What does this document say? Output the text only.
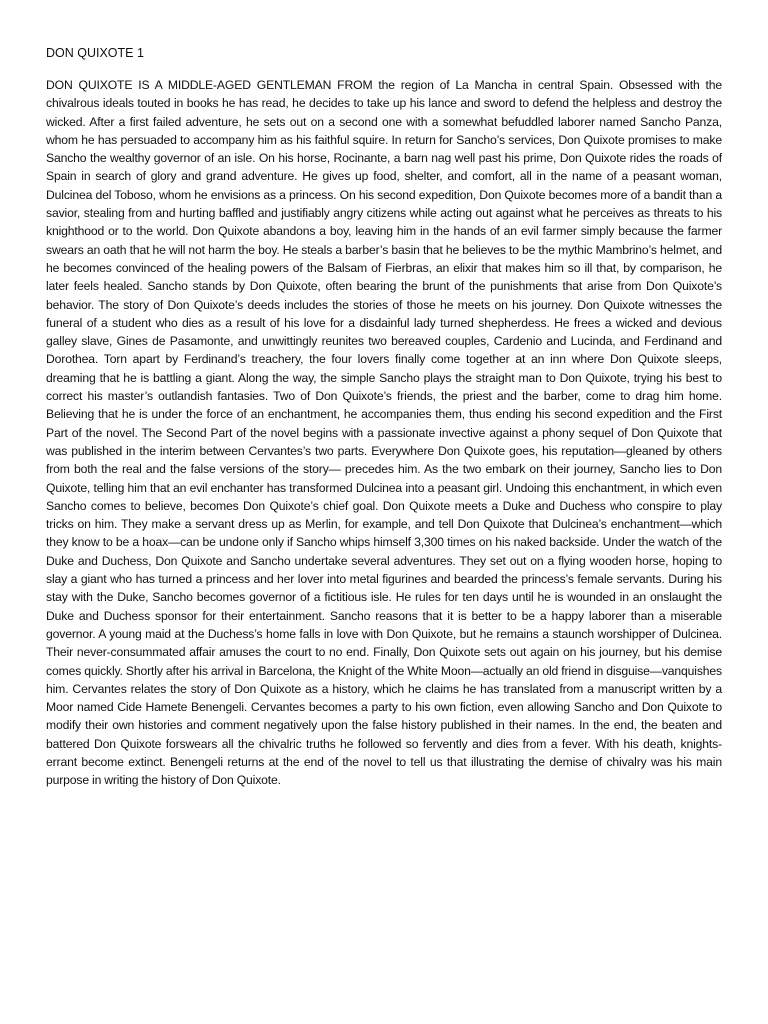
DON QUIXOTE 1

DON QUIXOTE IS A MIDDLE-AGED GENTLEMAN FROM the region of La Mancha in central Spain. Obsessed with the chivalrous ideals touted in books he has read, he decides to take up his lance and sword to defend the helpless and destroy the wicked. After a first failed adventure, he sets out on a second one with a somewhat befuddled laborer named Sancho Panza, whom he has persuaded to accompany him as his faithful squire. In return for Sancho’s services, Don Quixote promises to make Sancho the wealthy governor of an isle. On his horse, Rocinante, a barn nag well past his prime, Don Quixote rides the roads of Spain in search of glory and grand adventure. He gives up food, shelter, and comfort, all in the name of a peasant woman, Dulcinea del Toboso, whom he envisions as a princess. On his second expedition, Don Quixote becomes more of a bandit than a savior, stealing from and hurting baffled and justifiably angry citizens while acting out against what he perceives as threats to his knighthood or to the world. Don Quixote abandons a boy, leaving him in the hands of an evil farmer simply because the farmer swears an oath that he will not harm the boy. He steals a barber’s basin that he believes to be the mythic Mambrino’s helmet, and he becomes convinced of the healing powers of the Balsam of Fierbras, an elixir that makes him so ill that, by comparison, he later feels healed. Sancho stands by Don Quixote, often bearing the brunt of the punishments that arise from Don Quixote’s behavior. The story of Don Quixote’s deeds includes the stories of those he meets on his journey. Don Quixote witnesses the funeral of a student who dies as a result of his love for a disdainful lady turned shepherdess. He frees a wicked and devious galley slave, Gines de Pasamonte, and unwittingly reunites two bereaved couples, Cardenio and Lucinda, and Ferdinand and Dorothea. Torn apart by Ferdinand’s treachery, the four lovers finally come together at an inn where Don Quixote sleeps, dreaming that he is battling a giant. Along the way, the simple Sancho plays the straight man to Don Quixote, trying his best to correct his master’s outlandish fantasies. Two of Don Quixote’s friends, the priest and the barber, come to drag him home. Believing that he is under the force of an enchantment, he accompanies them, thus ending his second expedition and the First Part of the novel. The Second Part of the novel begins with a passionate invective against a phony sequel of Don Quixote that was published in the interim between Cervantes’s two parts. Everywhere Don Quixote goes, his reputation—gleaned by others from both the real and the false versions of the story— precedes him. As the two embark on their journey, Sancho lies to Don Quixote, telling him that an evil enchanter has transformed Dulcinea into a peasant girl. Undoing this enchantment, in which even Sancho comes to believe, becomes Don Quixote’s chief goal. Don Quixote meets a Duke and Duchess who conspire to play tricks on him. They make a servant dress up as Merlin, for example, and tell Don Quixote that Dulcinea’s enchantment—which they know to be a hoax—can be undone only if Sancho whips himself 3,300 times on his naked backside. Under the watch of the Duke and Duchess, Don Quixote and Sancho undertake several adventures. They set out on a flying wooden horse, hoping to slay a giant who has turned a princess and her lover into metal figurines and bearded the princess’s female servants. During his stay with the Duke, Sancho becomes governor of a fictitious isle. He rules for ten days until he is wounded in an onslaught the Duke and Duchess sponsor for their entertainment. Sancho reasons that it is better to be a happy laborer than a miserable governor. A young maid at the Duchess’s home falls in love with Don Quixote, but he remains a staunch worshipper of Dulcinea. Their never-consummated affair amuses the court to no end. Finally, Don Quixote sets out again on his journey, but his demise comes quickly. Shortly after his arrival in Barcelona, the Knight of the White Moon—actually an old friend in disguise—vanquishes him. Cervantes relates the story of Don Quixote as a history, which he claims he has translated from a manuscript written by a Moor named Cide Hamete Benengeli. Cervantes becomes a party to his own fiction, even allowing Sancho and Don Quixote to modify their own histories and comment negatively upon the false history published in their names. In the end, the beaten and battered Don Quixote forswears all the chivalric truths he followed so fervently and dies from a fever. With his death, knights-errant become extinct. Benengeli returns at the end of the novel to tell us that illustrating the demise of chivalry was his main purpose in writing the history of Don Quixote.
